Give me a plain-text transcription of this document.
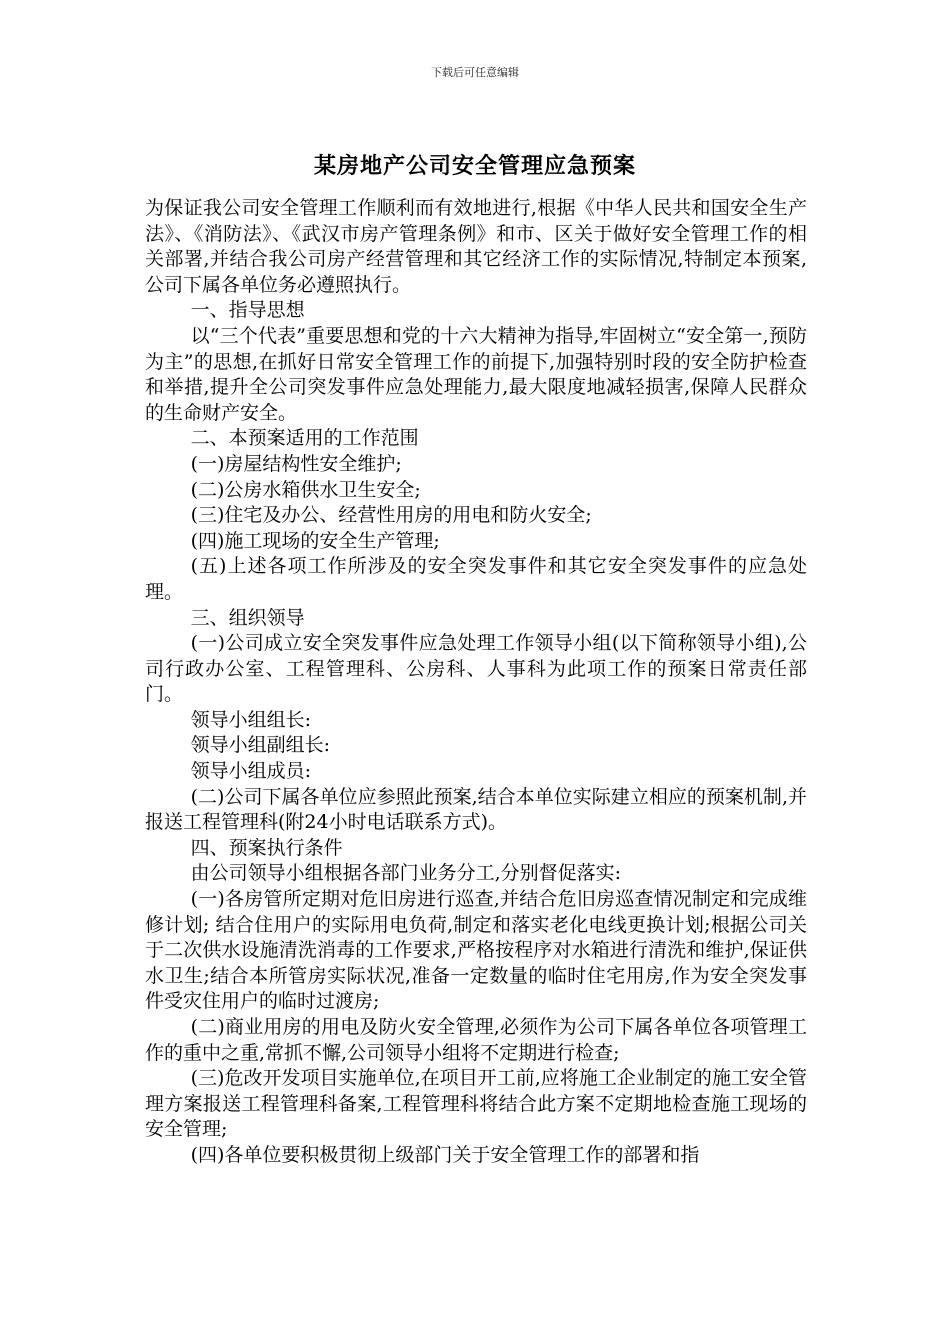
下载后可任意编辑
某房地产公司安全管理应急预案

为保证我公司安全管理工作顺利而有效地进行,根据《中华人民共和国安全生产法》、《消防法》、《武汉市房产管理条例》和市、区关于做好安全管理工作的相关部署,并结合我公司房产经营管理和其它经济工作的实际情况,特制定本预案,公司下属各单位务必遵照执行。

一、指导思想

以“三个代表”重要思想和党的十六大精神为指导,牢固树立“安全第一,预防为主”的思想,在抓好日常安全管理工作的前提下,加强特别时段的安全防护检查和举措,提升全公司突发事件应急处理能力,最大限度地减轻损害,保障人民群众的生命财产安全。

二、本预案适用的工作范围

(一)房屋结构性安全维护;

(二)公房水箱供水卫生安全;

(三)住宅及办公、经营性用房的用电和防火安全;

(四)施工现场的安全生产管理;

(五)上述各项工作所涉及的安全突发事件和其它安全突发事件的应急处理。

三、组织领导

(一)公司成立安全突发事件应急处理工作领导小组(以下简称领导小组),公司行政办公室、工程管理科、公房科、人事科为此项工作的预案日常责任部门。

领导小组组长:

领导小组副组长:

领导小组成员:

(二)公司下属各单位应参照此预案,结合本单位实际建立相应的预案机制,并报送工程管理科(附24小时电话联系方式)。

四、预案执行条件

由公司领导小组根据各部门业务分工,分别督促落实:

(一)各房管所定期对危旧房进行巡查,并结合危旧房巡查情况制定和完成维修计划; 结合住用户的实际用电负荷,制定和落实老化电线更换计划;根据公司关于二次供水设施清洗消毒的工作要求,严格按程序对水箱进行清洗和维护,保证供水卫生;结合本所管房实际状况,准备一定数量的临时住宅用房,作为安全突发事件受灾住用户的临时过渡房;

(二)商业用房的用电及防火安全管理,必须作为公司下属各单位各项管理工作的重中之重,常抓不懈,公司领导小组将不定期进行检查;

(三)危改开发项目实施单位,在项目开工前,应将施工企业制定的施工安全管理方案报送工程管理科备案,工程管理科将结合此方案不定期地检查施工现场的安全管理;

(四)各单位要积极贯彻上级部门关于安全管理工作的部署和指
